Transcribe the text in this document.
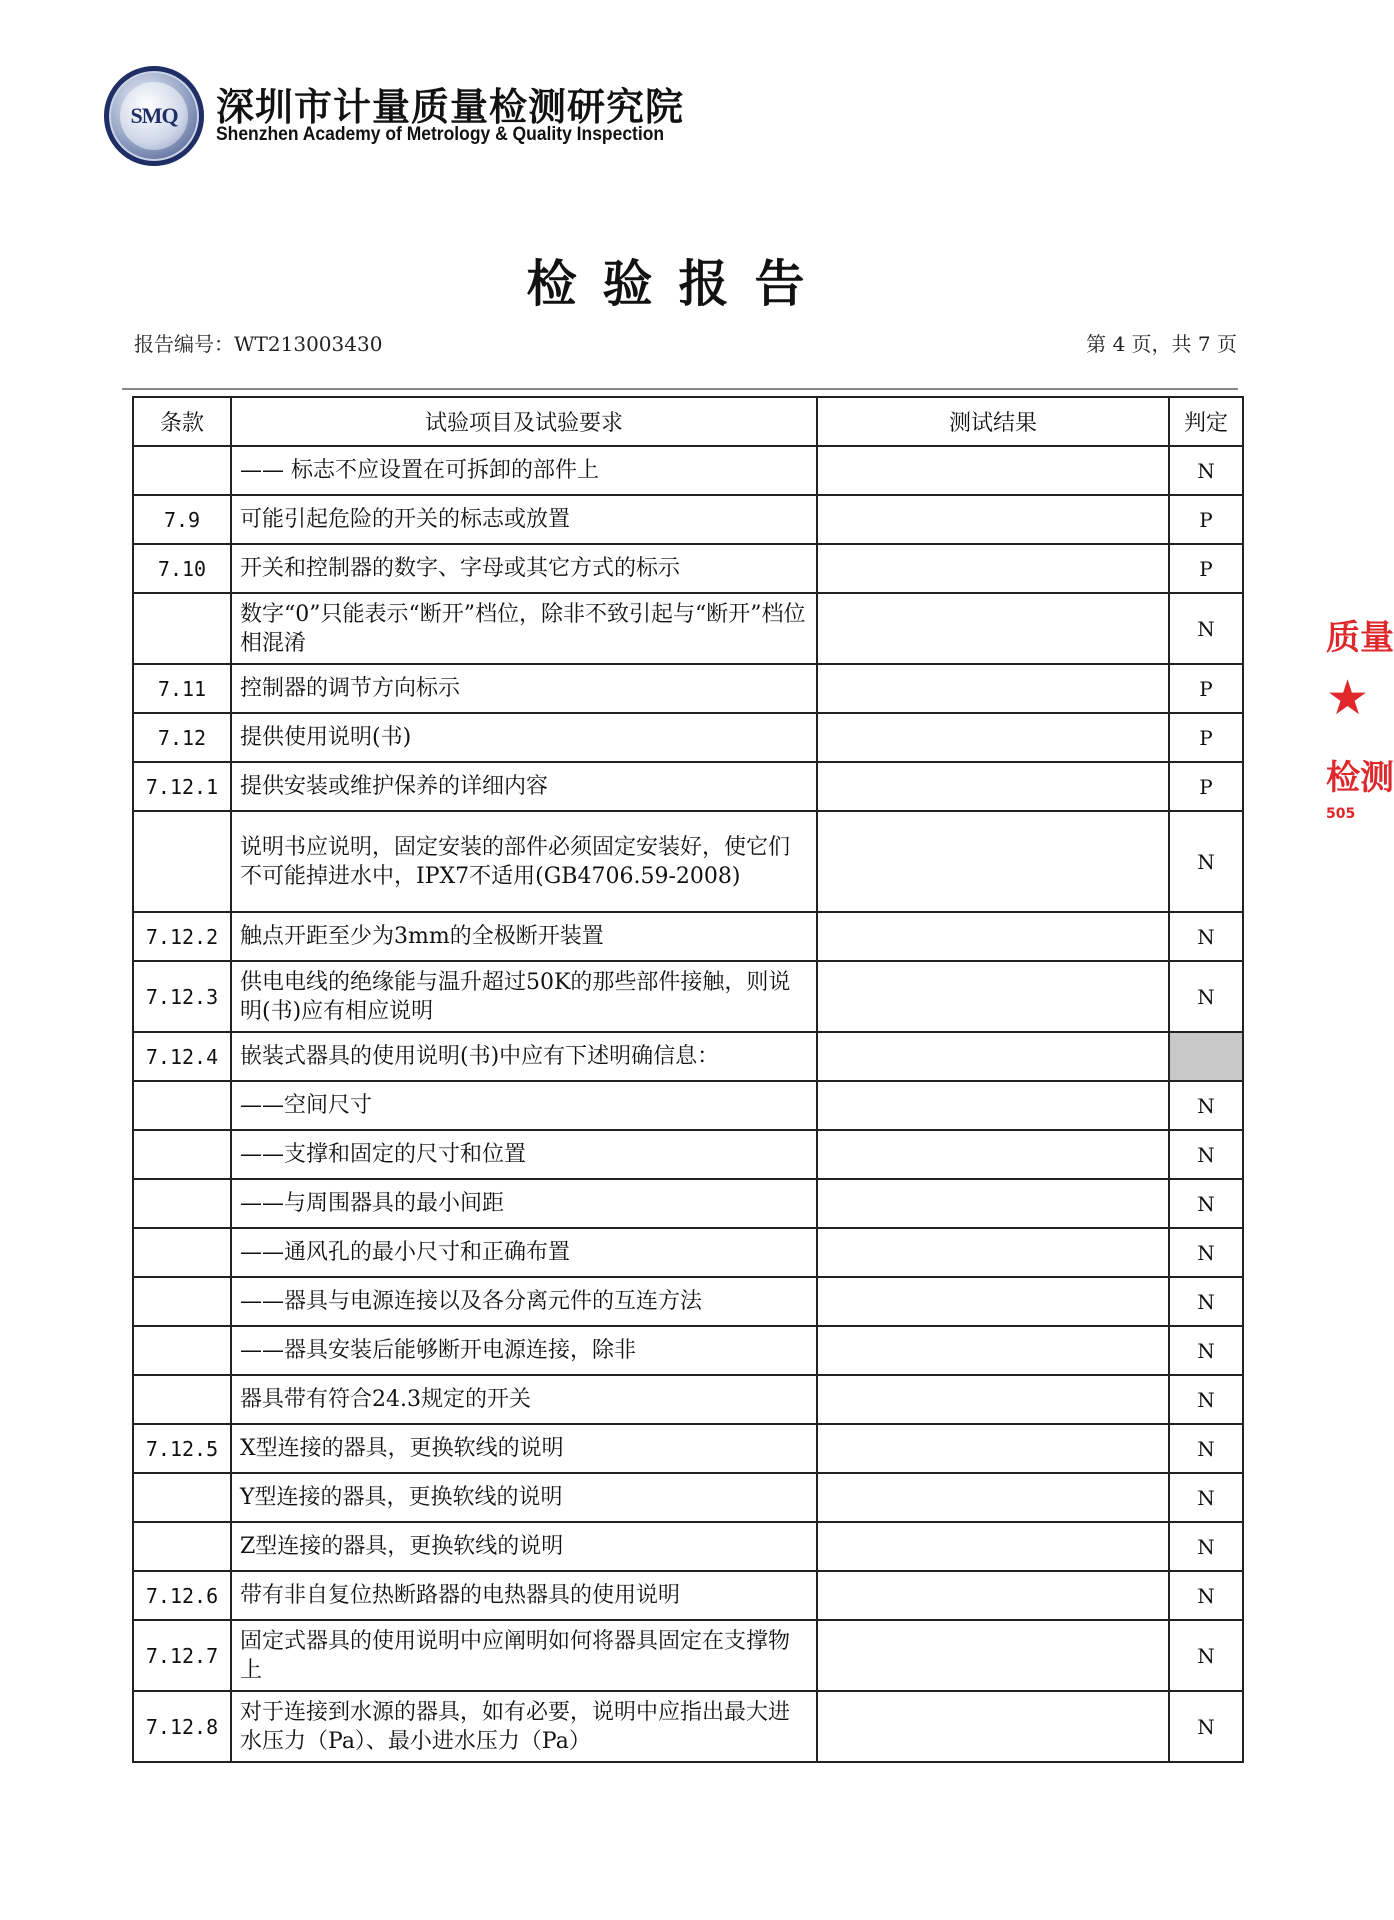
SMQ 深圳市计量质量检测研究院
Shenzhen Academy of Metrology & Quality Inspection
检验报告
报告编号：WT213003430	第 4 页，共 7 页
条款	试验项目及试验要求	测试结果	判定
	—— 标志不应设置在可拆卸的部件上		N
7.9	可能引起危险的开关的标志或放置		P
7.10	开关和控制器的数字、字母或其它方式的标示		P
	数字“0”只能表示“断开”档位，除非不致引起与“断开”档位相混淆		N
7.11	控制器的调节方向标示		P
7.12	提供使用说明(书)		P
7.12.1	提供安装或维护保养的详细内容		P
	说明书应说明，固定安装的部件必须固定安装好，使它们不可能掉进水中，IPX7不适用(GB4706.59-2008)		N
7.12.2	触点开距至少为3mm的全极断开装置		N
7.12.3	供电电线的绝缘能与温升超过50K的那些部件接触，则说明(书)应有相应说明		N
7.12.4	嵌装式器具的使用说明(书)中应有下述明确信息：		
	——空间尺寸		N
	——支撑和固定的尺寸和位置		N
	——与周围器具的最小间距		N
	——通风孔的最小尺寸和正确布置		N
	——器具与电源连接以及各分离元件的互连方法		N
	——器具安装后能够断开电源连接，除非		N
	器具带有符合24.3规定的开关		N
7.12.5	X型连接的器具，更换软线的说明		N
	Y型连接的器具，更换软线的说明		N
	Z型连接的器具，更换软线的说明		N
7.12.6	带有非自复位热断路器的电热器具的使用说明		N
7.12.7	固定式器具的使用说明中应阐明如何将器具固定在支撑物上		N
7.12.8	对于连接到水源的器具，如有必要，说明中应指出最大进水压力（Pa）、最小进水压力（Pa）		N
质量
★
检测
505
